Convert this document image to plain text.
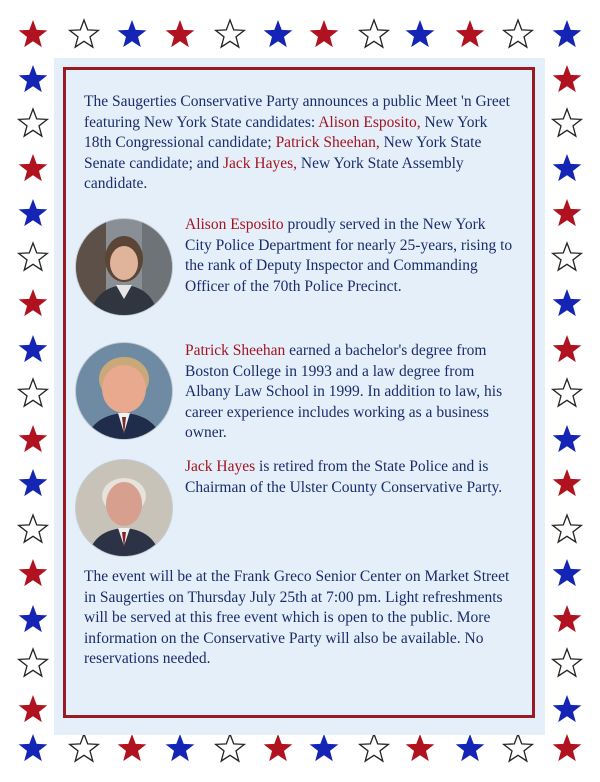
The Saugerties Conservative Party announces a public Meet 'n Greet featuring New York State candidates: Alison Esposito, New York 18th Congressional candidate; Patrick Sheehan, New York State Senate candidate; and Jack Hayes, New York State Assembly candidate.

Alison Esposito proudly served in the New York City Police Department for nearly 25-years, rising to the rank of Deputy Inspector and Commanding Officer of the 70th Police Precinct.

Patrick Sheehan earned a bachelor's degree from Boston College in 1993 and a law degree from Albany Law School in 1999. In addition to law, his career experience includes working as a business owner.

Jack Hayes is retired from the State Police and is Chairman of the Ulster County Conservative Party.

The event will be at the Frank Greco Senior Center on Market Street in Saugerties on Thursday July 25th at 7:00 pm. Light refreshments will be served at this free event which is open to the public. More information on the Conservative Party will also be available. No reservations needed.
